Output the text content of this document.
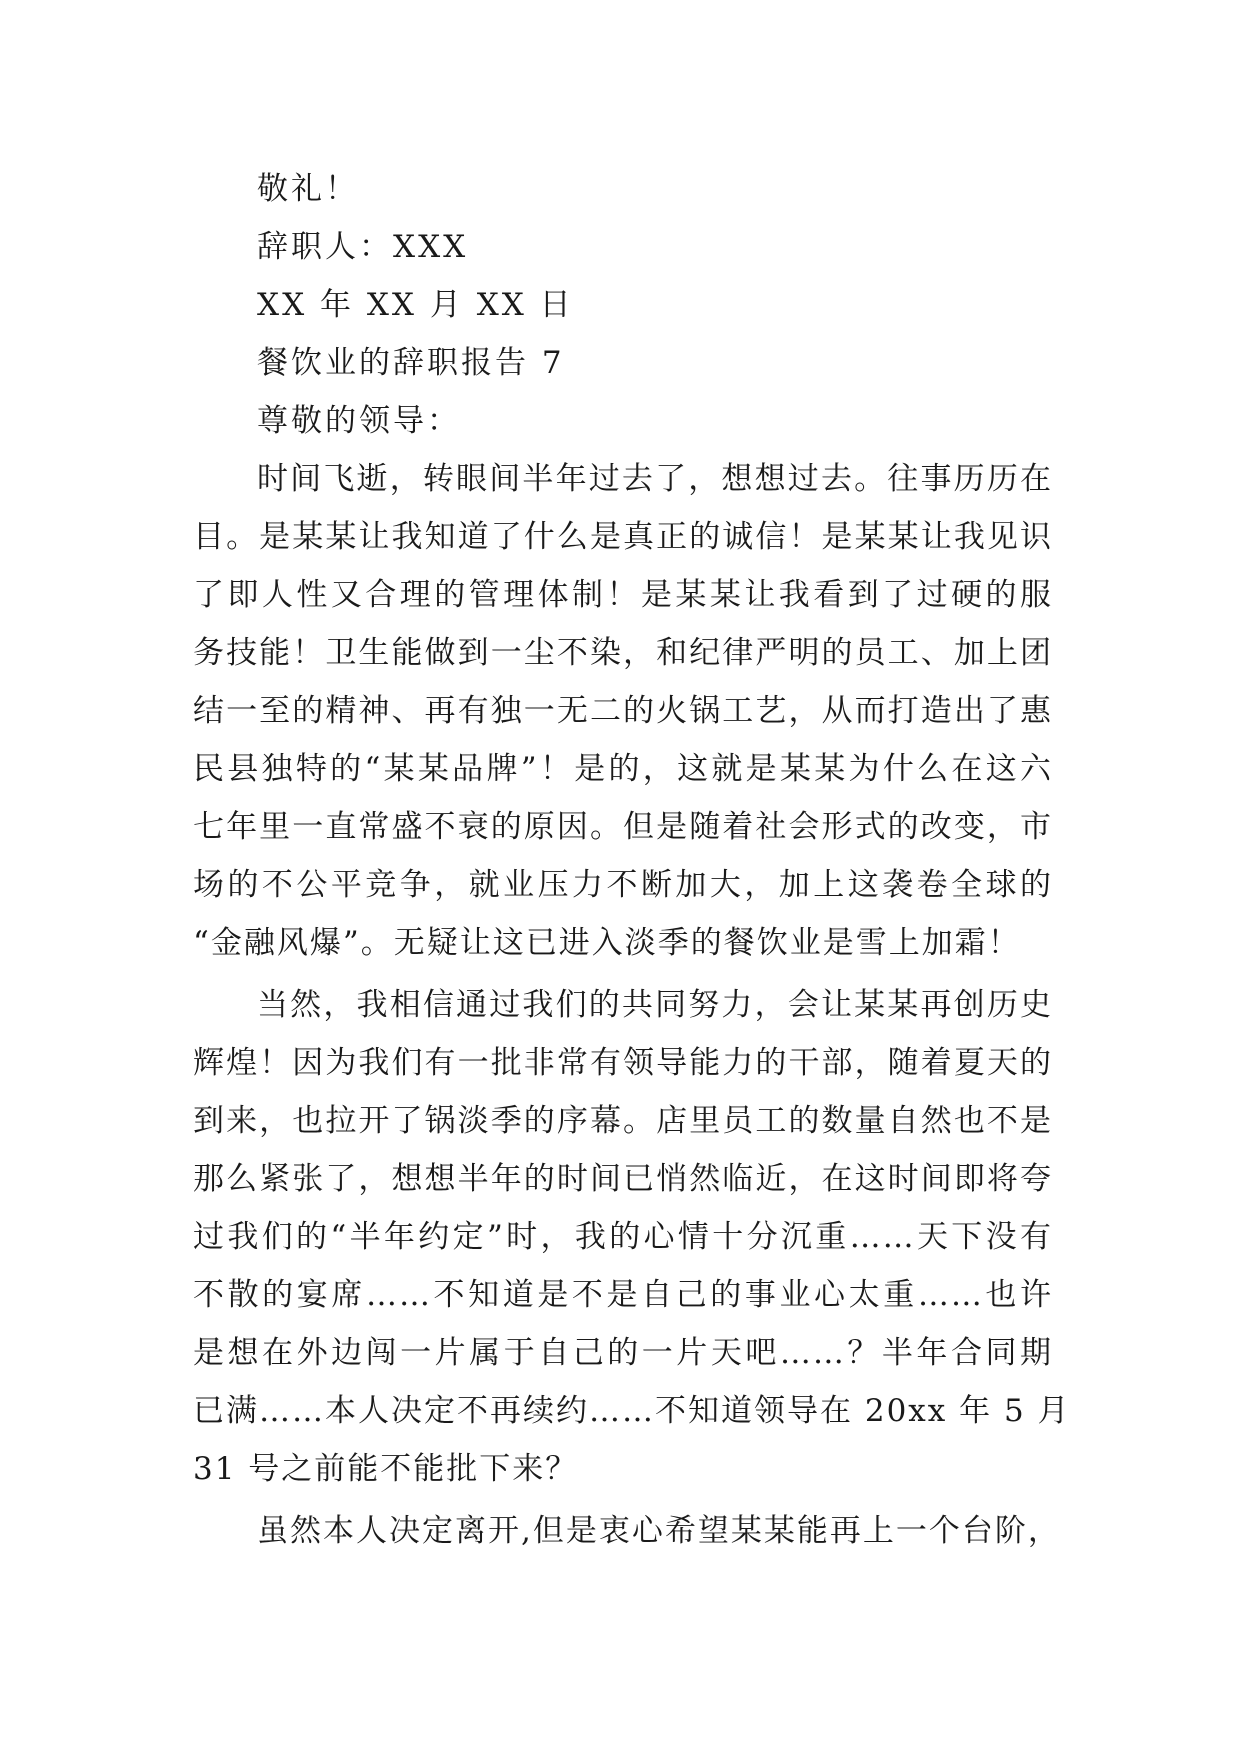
敬礼！
辞职人：XXX
XX 年 XX 月 XX 日
餐饮业的辞职报告 7
尊敬的领导：
时间飞逝，转眼间半年过去了，想想过去。往事历历在
目。是某某让我知道了什么是真正的诚信！是某某让我见识
了即人性又合理的管理体制！是某某让我看到了过硬的服
务技能！卫生能做到一尘不染，和纪律严明的员工、加上团
结一至的精神、再有独一无二的火锅工艺，从而打造出了惠
民县独特的“某某品牌”！是的，这就是某某为什么在这六
七年里一直常盛不衰的原因。但是随着社会形式的改变，市
场的不公平竞争，就业压力不断加大，加上这袭卷全球的
“金融风爆”。无疑让这已进入淡季的餐饮业是雪上加霜！
当然，我相信通过我们的共同努力，会让某某再创历史
辉煌！因为我们有一批非常有领导能力的干部，随着夏天的
到来，也拉开了锅淡季的序幕。店里员工的数量自然也不是
那么紧张了，想想半年的时间已悄然临近，在这时间即将夸
过我们的“半年约定”时，我的心情十分沉重……天下没有
不散的宴席……不知道是不是自己的事业心太重……也许
是想在外边闯一片属于自己的一片天吧……？半年合同期
已满……本人决定不再续约……不知道领导在 20xx 年 5 月
31 号之前能不能批下来？
虽然本人决定离开,但是衷心希望某某能再上一个台阶，
